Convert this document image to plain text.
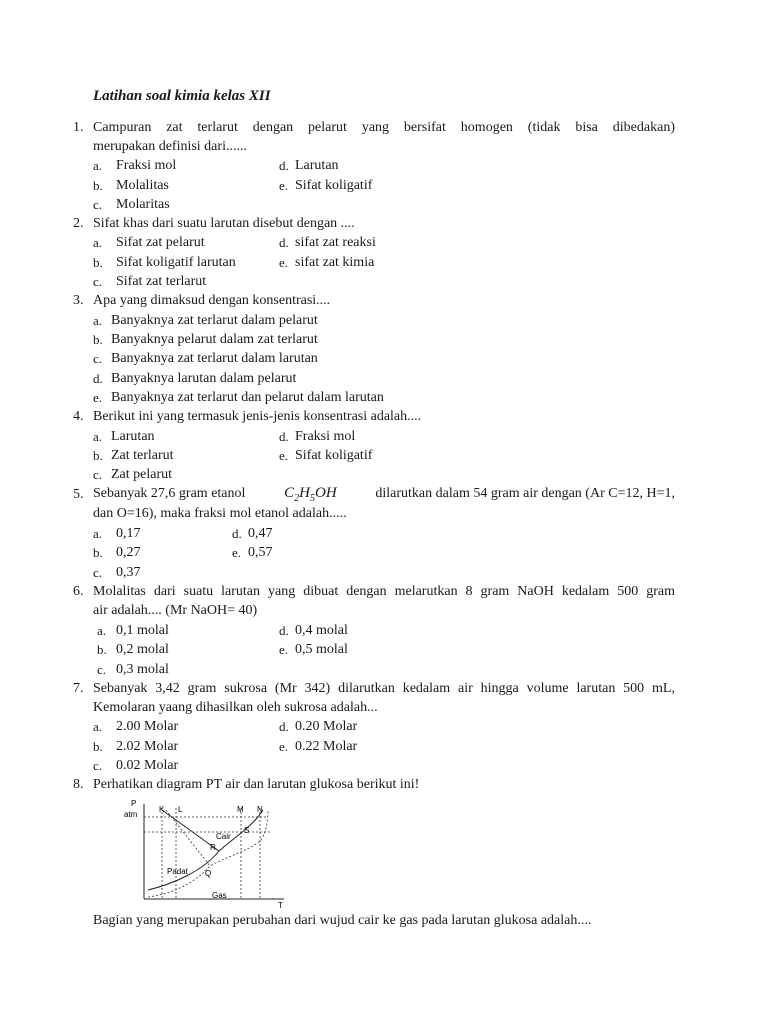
Latihan soal kimia kelas XII
1. Campuran zat terlarut dengan pelarut yang bersifat homogen (tidak bisa dibedakan)
merupakan definisi dari......
a. Fraksi mol
b. Molalitas
c. Molaritas
d. Larutan
e. Sifat koligatif
2. Sifat khas dari suatu larutan disebut dengan ....
a. Sifat zat pelarut
b. Sifat koligatif larutan
c. Sifat zat terlarut
d. sifat zat reaksi
e. sifat zat kimia
3. Apa yang dimaksud dengan konsentrasi....
a. Banyaknya zat terlarut dalam pelarut
b. Banyaknya pelarut dalam zat terlarut
c. Banyaknya zat terlarut dalam larutan
d. Banyaknya larutan dalam pelarut
e. Banyaknya zat terlarut dan pelarut dalam larutan
4. Berikut ini yang termasuk jenis-jenis konsentrasi adalah....
a. Larutan
b. Zat terlarut
c. Zat pelarut
d. Fraksi mol
e. Sifat koligatif
5. Sebanyak 27,6 gram etanol	$C_2H_5OH$	dilarutkan dalam 54 gram air dengan (Ar C=12, H=1,
dan O=16), maka fraksi mol etanol adalah.....
a. 0,17
b. 0,27
c. 0,37
d. 0,47
e. 0,57
6. Molalitas dari suatu larutan yang dibuat dengan melarutkan 8 gram NaOH kedalam 500 gram
air adalah.... (Mr NaOH= 40)
a. 0,1 molal
b. 0,2 molal
c. 0,3 molal
d. 0,4 molal
e. 0,5 molal
7. Sebanyak 3,42 gram sukrosa (Mr 342) dilarutkan kedalam air hingga volume larutan 500 mL,
Kemolaran yaang dihasilkan oleh sukrosa adalah...
a. 2.00 Molar
b. 2.02 Molar
c. 0.02 Molar
d. 0.20 Molar
e. 0.22 Molar
8. Perhatikan diagram PT air dan larutan glukosa berikut ini!
P
atm
T
K L	M N
S
R
Q
Cair
Padat
Gas
Bagian yang merupakan perubahan dari wujud cair ke gas pada larutan glukosa adalah....
